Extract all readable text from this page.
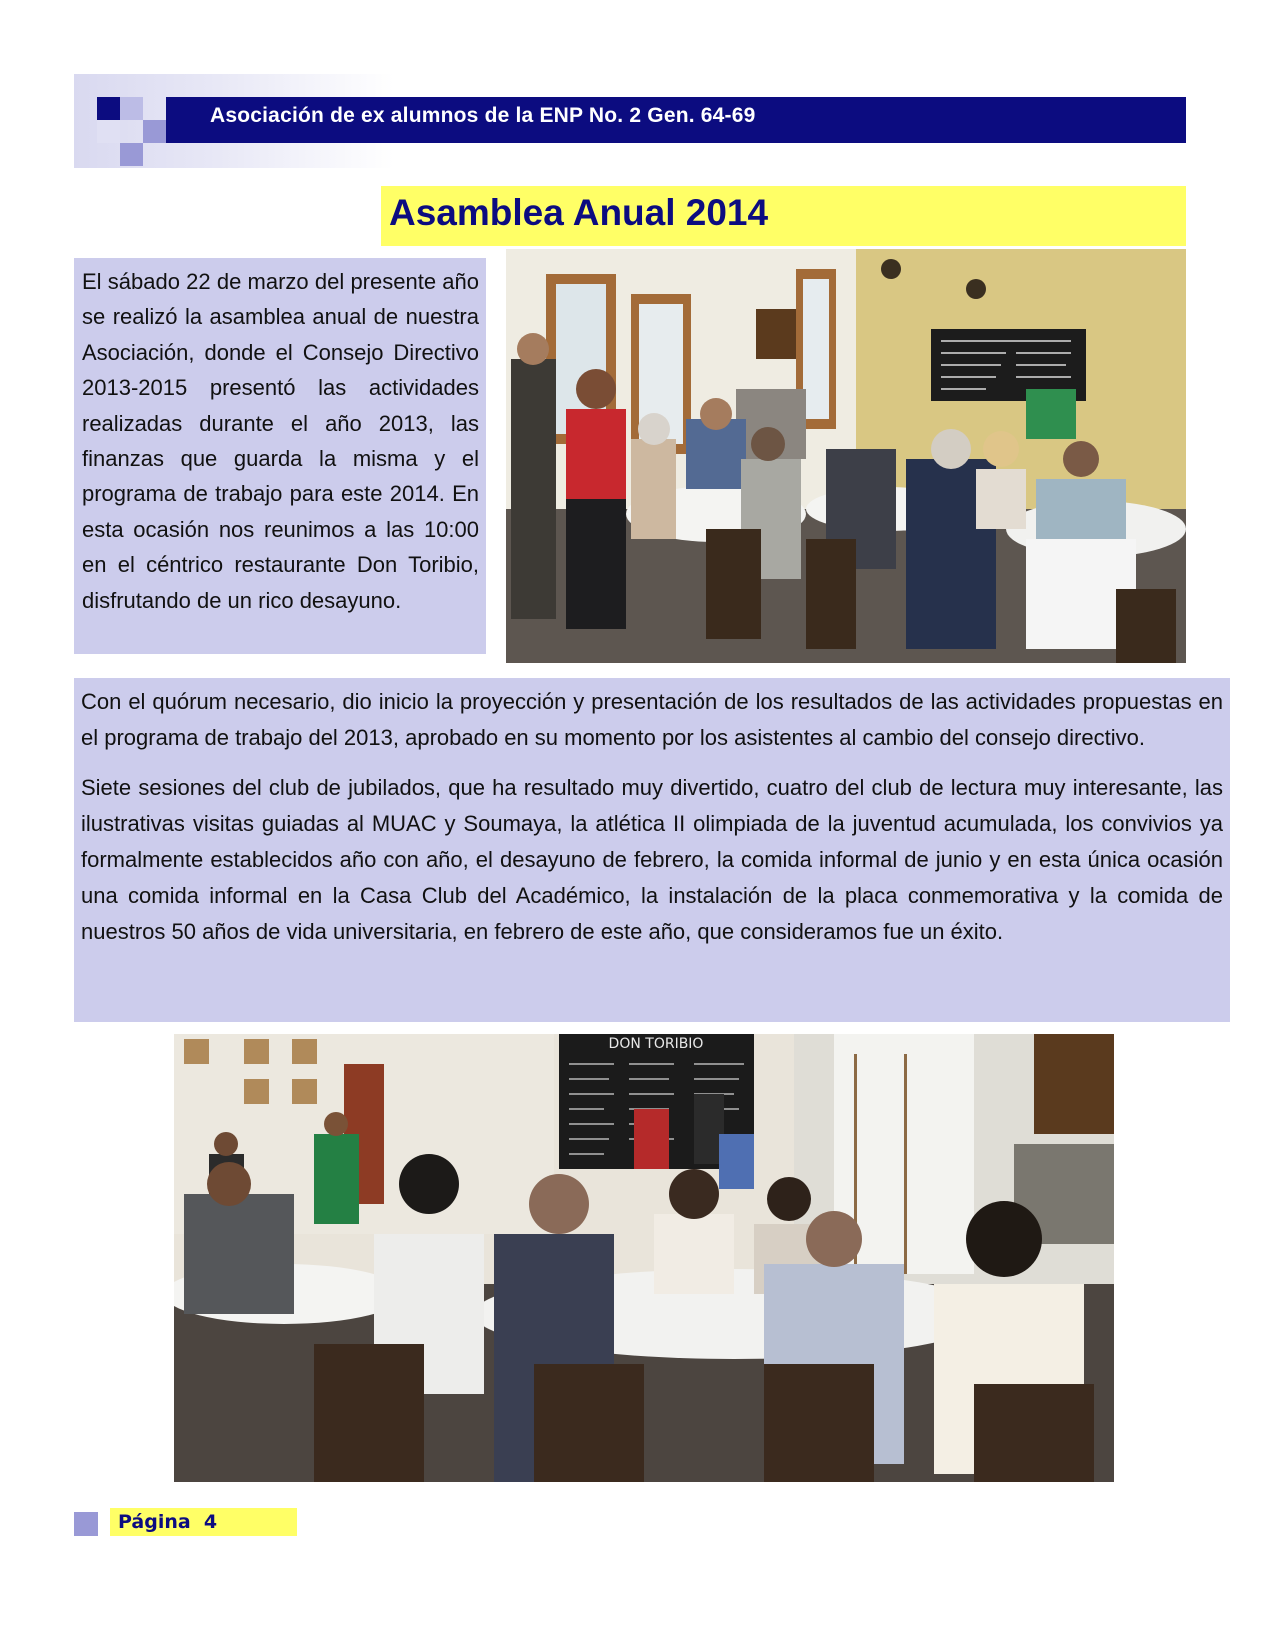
Asociación de ex alumnos de la ENP No. 2 Gen. 64-69
Asamblea Anual 2014

El sábado 22 de marzo del presente año se realizó la asamblea anual de nuestra Asociación, donde el Consejo Directivo 2013-2015 presentó las actividades realizadas durante el año 2013, las finanzas que guarda la misma y el programa de trabajo para este 2014. En esta ocasión nos reunimos a las 10:00 en el céntrico restaurante Don Toribio, disfrutando de un rico desayuno.

Con el quórum necesario, dio inicio la proyección y presentación de los resultados de las actividades propuestas en el programa de trabajo del 2013, aprobado en su momento por los asistentes al cambio del consejo directivo.

Siete sesiones del club de jubilados, que ha resultado muy divertido, cuatro del club de lectura muy interesante, las ilustrativas visitas guiadas al MUAC y Soumaya, la atlética II olimpiada de la juventud acumulada, los convivios ya formalmente establecidos año con año, el desayuno de febrero, la comida informal de junio y en esta única ocasión una comida informal en la Casa Club del Académico, la instalación de la placa conmemorativa y la comida de nuestros 50 años de vida universitaria, en febrero de este año, que consideramos fue un éxito.

DON TORIBIO
Página  4
